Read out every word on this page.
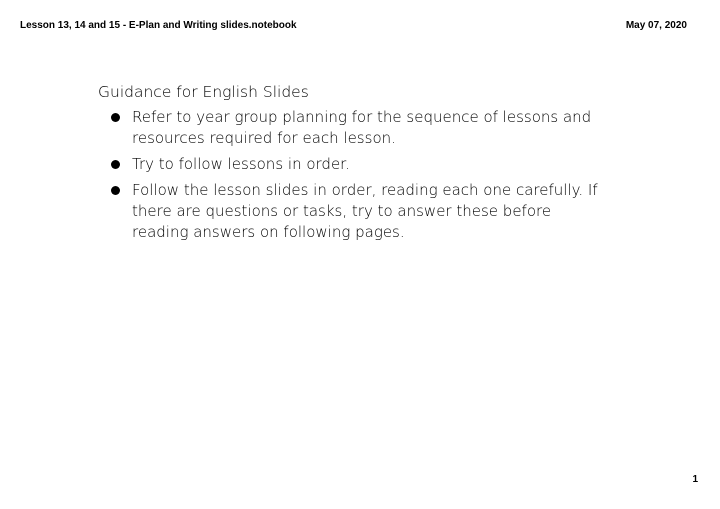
Lesson 13, 14 and 15 - E-Plan and Writing slides.notebook	May 07, 2020
Guidance for English Slides
Refer to year group planning for the sequence of lessons and resources required for each lesson.
Try to follow lessons in order.
Follow the lesson slides in order, reading each one carefully. If there are questions or tasks, try to answer these before reading answers on following pages.
1
